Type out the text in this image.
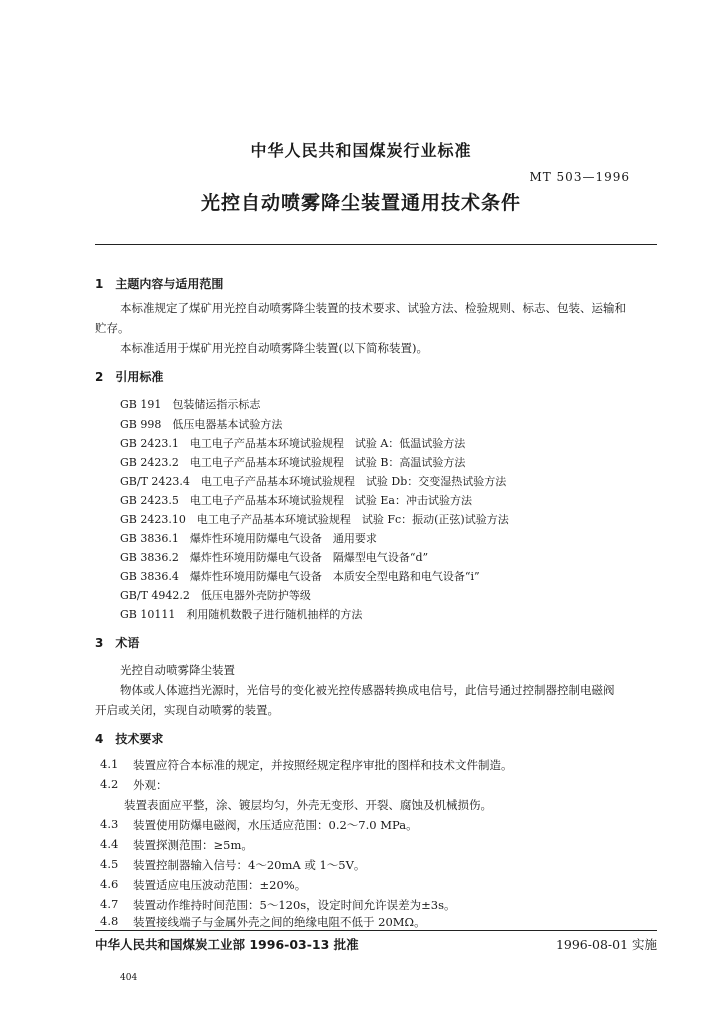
中华人民共和国煤炭行业标准
MT 503—1996
光控自动喷雾降尘装置通用技术条件
1　主题内容与适用范围
本标准规定了煤矿用光控自动喷雾降尘装置的技术要求、试验方法、检验规则、标志、包装、运输和
贮存。
本标准适用于煤矿用光控自动喷雾降尘装置(以下简称装置)。
2　引用标准
GB 191　包装储运指示标志
GB 998　低压电器基本试验方法
GB 2423.1　电工电子产品基本环境试验规程　试验 A：低温试验方法
GB 2423.2　电工电子产品基本环境试验规程　试验 B：高温试验方法
GB/T 2423.4　电工电子产品基本环境试验规程　试验 Db：交变湿热试验方法
GB 2423.5　电工电子产品基本环境试验规程　试验 Ea：冲击试验方法
GB 2423.10　电工电子产品基本环境试验规程　试验 Fc：振动(正弦)试验方法
GB 3836.1　爆炸性环境用防爆电气设备　通用要求
GB 3836.2　爆炸性环境用防爆电气设备　隔爆型电气设备“d”
GB 3836.4　爆炸性环境用防爆电气设备　本质安全型电路和电气设备“i”
GB/T 4942.2　低压电器外壳防护等级
GB 10111　利用随机数骰子进行随机抽样的方法
3　术语
光控自动喷雾降尘装置
物体或人体遮挡光源时，光信号的变化被光控传感器转换成电信号，此信号通过控制器控制电磁阀
开启或关闭，实现自动喷雾的装置。
4　技术要求
4.1 装置应符合本标准的规定，并按照经规定程序审批的图样和技术文件制造。
4.2 外观：
装置表面应平整，涂、镀层均匀，外壳无变形、开裂、腐蚀及机械损伤。
4.3 装置使用防爆电磁阀，水压适应范围：0.2～7.0 MPa。
4.4 装置探测范围：≥5m。
4.5 装置控制器输入信号：4～20mA 或 1～5V。
4.6 装置适应电压波动范围：±20%。
4.7 装置动作维持时间范围：5～120s，设定时间允许误差为±3s。
4.8 装置接线端子与金属外壳之间的绝缘电阻不低于 20MΩ。
中华人民共和国煤炭工业部 1996-03-13 批准	1996-08-01 实施
404
